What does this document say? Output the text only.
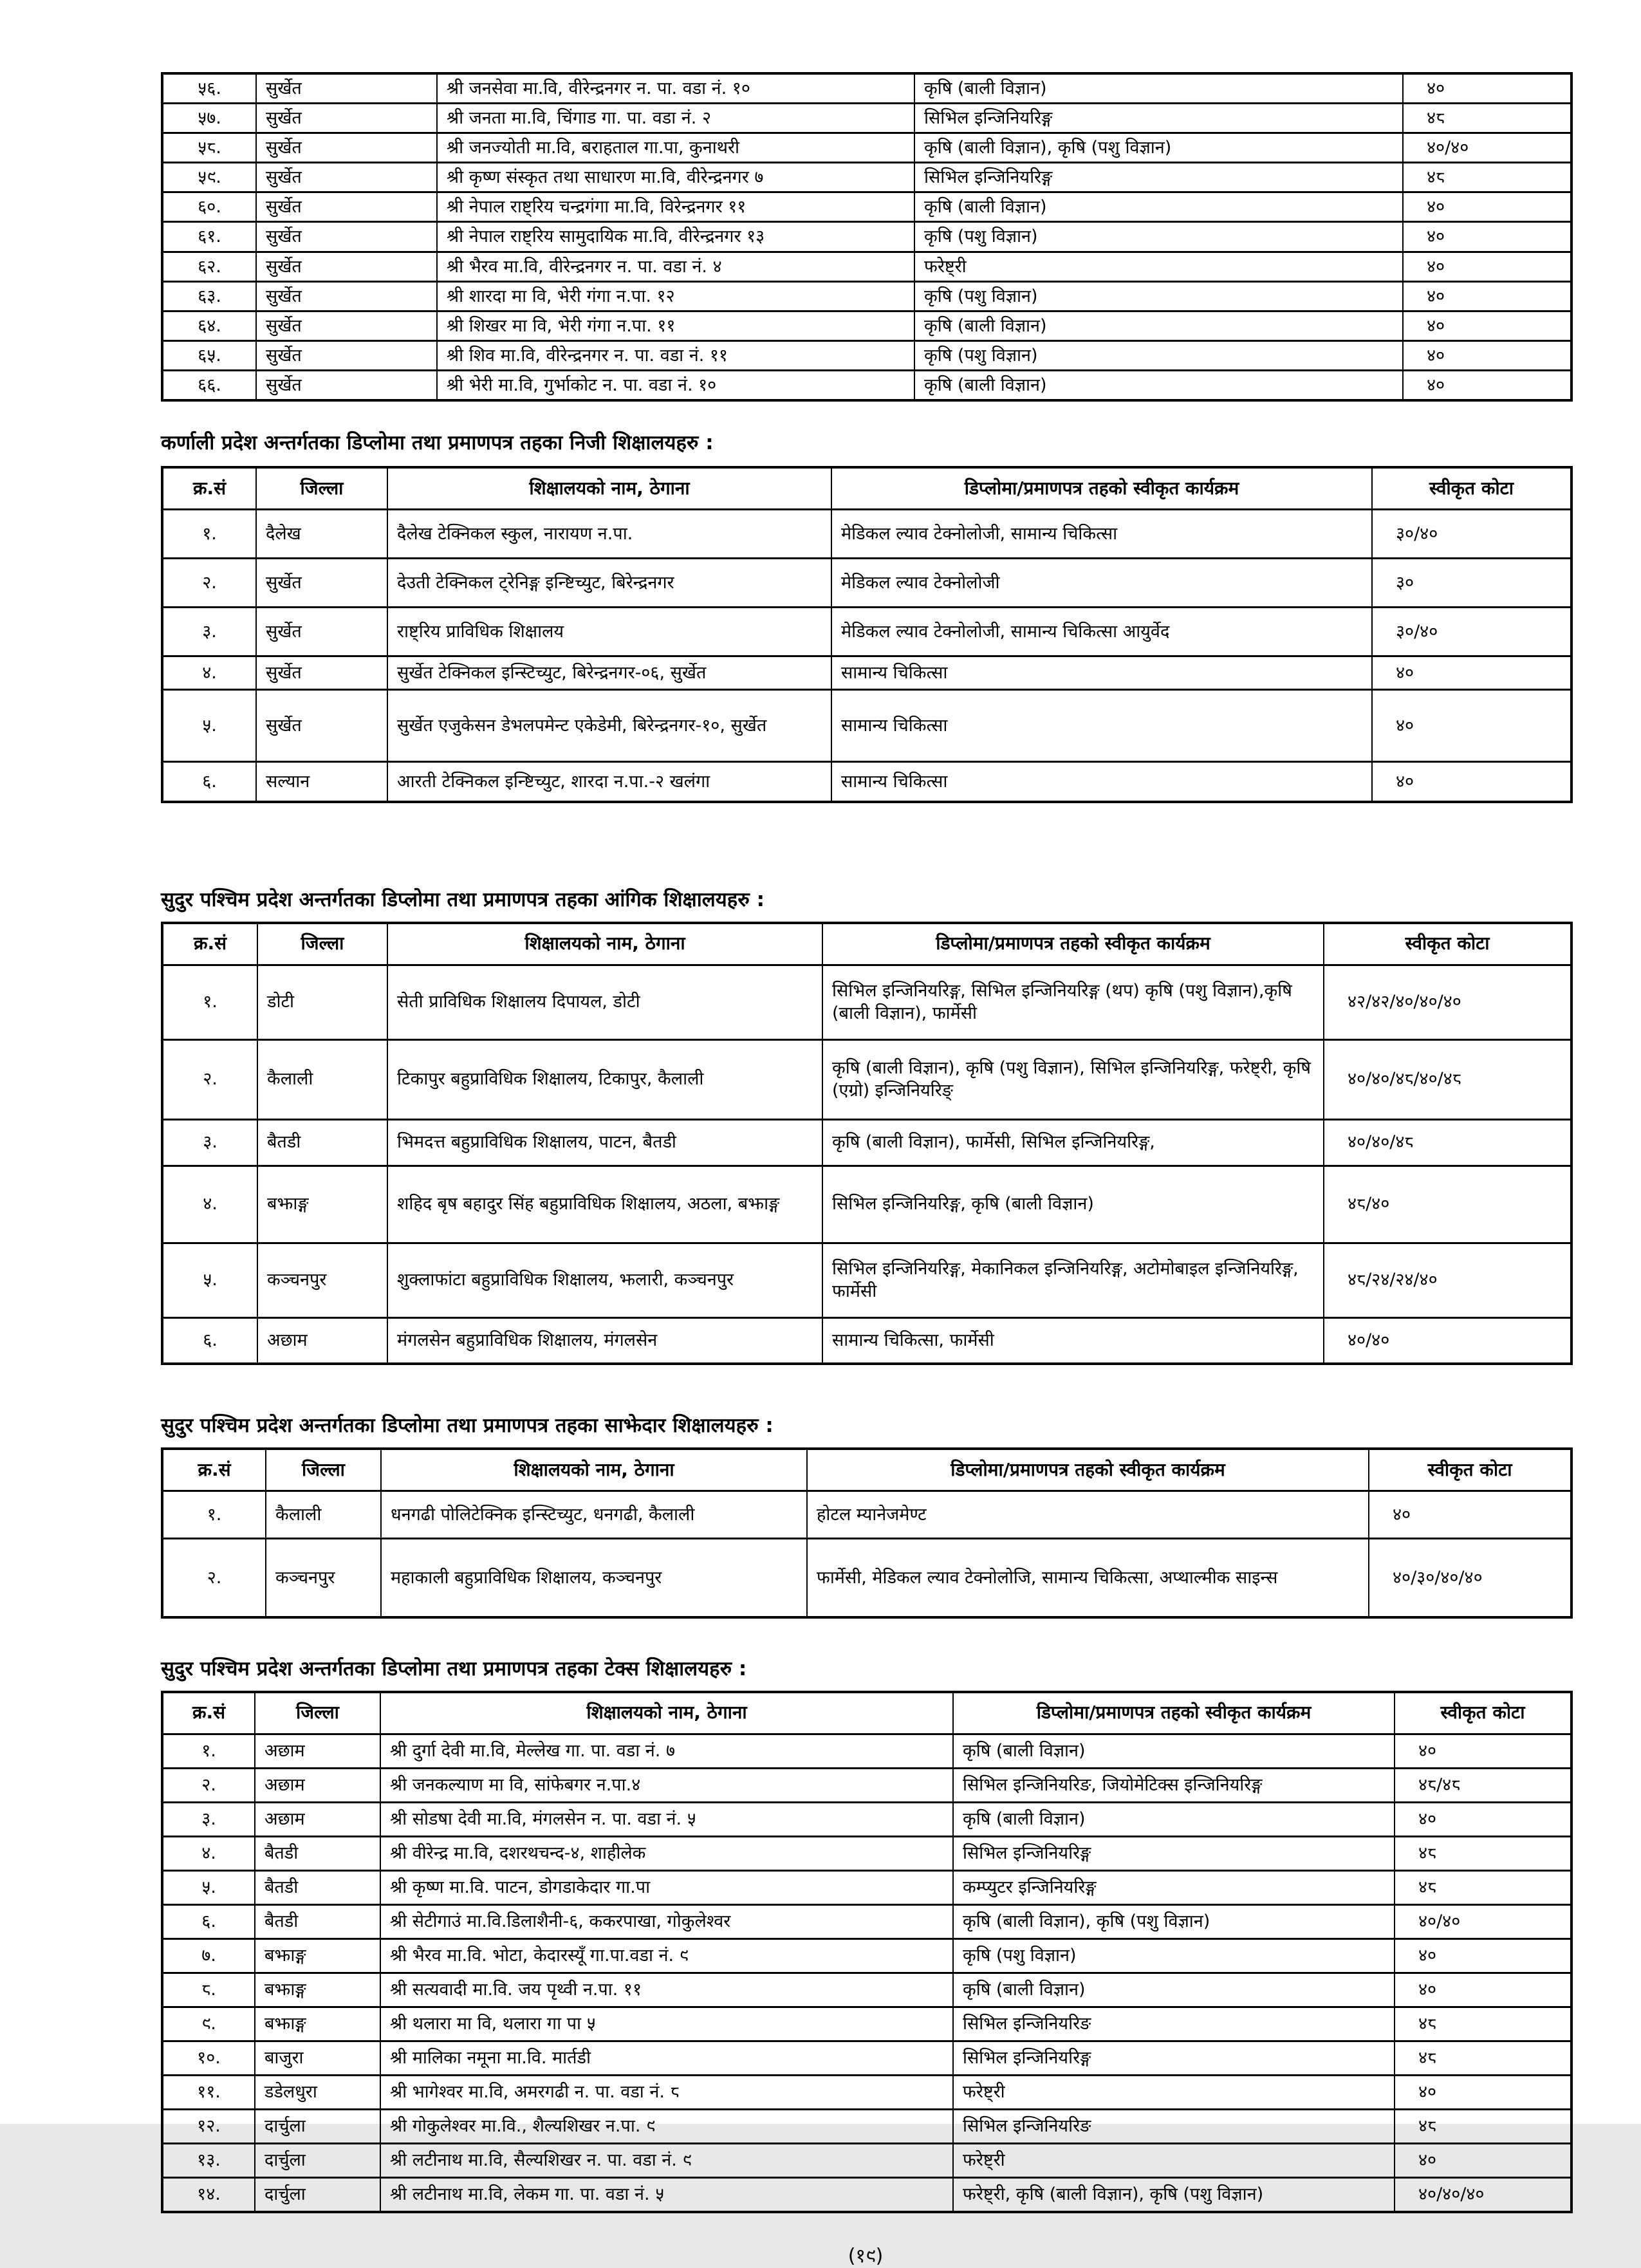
५६.	सुर्खेत	श्री जनसेवा मा.वि, वीरेन्द्रनगर न. पा. वडा नं. १०	कृषि (बाली विज्ञान)	४०
५७.	सुर्खेत	श्री जनता मा.वि, चिंगाड गा. पा. वडा नं. २	सिभिल इन्जिनियरिङ्ग	४८
५८.	सुर्खेत	श्री जनज्योती मा.वि, बराहताल गा.पा, कुनाथरी	कृषि (बाली विज्ञान), कृषि (पशु विज्ञान)	४०/४०
५९.	सुर्खेत	श्री कृष्ण संस्कृत तथा साधारण मा.वि, वीरेन्द्रनगर ७	सिभिल इन्जिनियरिङ्ग	४८
६०.	सुर्खेत	श्री नेपाल राष्ट्रिय चन्द्रगंगा मा.वि, विरेन्द्रनगर ११	कृषि (बाली विज्ञान)	४०
६१.	सुर्खेत	श्री नेपाल राष्ट्रिय सामुदायिक मा.वि, वीरेन्द्रनगर १३	कृषि (पशु विज्ञान)	४०
६२.	सुर्खेत	श्री भैरव मा.वि, वीरेन्द्रनगर न. पा. वडा नं. ४	फरेष्ट्री	४०
६३.	सुर्खेत	श्री शारदा मा वि, भेरी गंगा न.पा. १२	कृषि (पशु विज्ञान)	४०
६४.	सुर्खेत	श्री शिखर मा वि, भेरी गंगा न.पा. ११	कृषि (बाली विज्ञान)	४०
६५.	सुर्खेत	श्री शिव मा.वि, वीरेन्द्रनगर न. पा. वडा नं. ११	कृषि (पशु विज्ञान)	४०
६६.	सुर्खेत	श्री भेरी मा.वि, गुर्भाकोट न. पा. वडा नं. १०	कृषि (बाली विज्ञान)	४०

कर्णाली प्रदेश अन्तर्गतका डिप्लोमा तथा प्रमाणपत्र तहका निजी शिक्षालयहरु :

क्र.सं	जिल्ला	शिक्षालयको नाम, ठेगाना	डिप्लोमा/प्रमाणपत्र तहको स्वीकृत कार्यक्रम	स्वीकृत कोटा
१.	दैलेख	दैलेख टेक्निकल स्कुल, नारायण न.पा.	मेडिकल ल्याव टेक्नोलोजी, सामान्य चिकित्सा	३०/४०
२.	सुर्खेत	देउती टेक्निकल ट्रेनिङ्ग इन्ष्टिच्युट, बिरेन्द्रनगर	मेडिकल ल्याव टेक्नोलोजी	३०
३.	सुर्खेत	राष्ट्रिय प्राविधिक शिक्षालय	मेडिकल ल्याव टेक्नोलोजी, सामान्य चिकित्सा आयुर्वेद	३०/४०
४.	सुर्खेत	सुर्खेत टेक्निकल इन्स्टिच्युट, बिरेन्द्रनगर-०६, सुर्खेत	सामान्य चिकित्सा	४०
५.	सुर्खेत	सुर्खेत एजुकेसन डेभलपमेन्ट एकेडेमी, बिरेन्द्रनगर-१०, सुर्खेत	सामान्य चिकित्सा	४०
६.	सल्यान	आरती टेक्निकल इन्ष्टिच्युट, शारदा न.पा.-२ खलंगा	सामान्य चिकित्सा	४०

सुदुर पश्चिम प्रदेश अन्तर्गतका डिप्लोमा तथा प्रमाणपत्र तहका आंगिक शिक्षालयहरु :

क्र.सं	जिल्ला	शिक्षालयको नाम, ठेगाना	डिप्लोमा/प्रमाणपत्र तहको स्वीकृत कार्यक्रम	स्वीकृत कोटा
१.	डोटी	सेती प्राविधिक शिक्षालय दिपायल, डोटी	सिभिल इन्जिनियरिङ्ग, सिभिल इन्जिनियरिङ्ग (थप) कृषि (पशु विज्ञान),कृषि (बाली विज्ञान), फार्मेसी	४२/४२/४०/४०/४०
२.	कैलाली	टिकापुर बहुप्राविधिक शिक्षालय, टिकापुर, कैलाली	कृषि (बाली विज्ञान), कृषि (पशु विज्ञान), सिभिल इन्जिनियरिङ्ग, फरेष्ट्री, कृषि (एग्रो) इन्जिनियरिङ्	४०/४०/४८/४०/४८
३.	बैतडी	भिमदत्त बहुप्राविधिक शिक्षालय, पाटन, बैतडी	कृषि (बाली विज्ञान), फार्मेसी, सिभिल इन्जिनियरिङ्ग,	४०/४०/४८
४.	बझाङ्ग	शहिद बृष बहादुर सिंह बहुप्राविधिक शिक्षालय, अठला, बझाङ्ग	सिभिल इन्जिनियरिङ्ग, कृषि (बाली विज्ञान)	४८/४०
५.	कञ्चनपुर	शुक्लाफांटा बहुप्राविधिक शिक्षालय, झलारी, कञ्चनपुर	सिभिल इन्जिनियरिङ्ग, मेकानिकल इन्जिनियरिङ्ग, अटोमोबाइल इन्जिनियरिङ्ग, फार्मेसी	४८/२४/२४/४०
६.	अछाम	मंगलसेन बहुप्राविधिक शिक्षालय, मंगलसेन	सामान्य चिकित्सा, फार्मेसी	४०/४०

सुदुर पश्चिम प्रदेश अन्तर्गतका डिप्लोमा तथा प्रमाणपत्र तहका साझेदार शिक्षालयहरु :

क्र.सं	जिल्ला	शिक्षालयको नाम, ठेगाना	डिप्लोमा/प्रमाणपत्र तहको स्वीकृत कार्यक्रम	स्वीकृत कोटा
१.	कैलाली	धनगढी पोलिटेक्निक इन्स्टिच्युट, धनगढी, कैलाली	होटल म्यानेजमेण्ट	४०
२.	कञ्चनपुर	महाकाली बहुप्राविधिक शिक्षालय, कञ्चनपुर	फार्मेसी, मेडिकल ल्याव टेक्नोलोजि, सामान्य चिकित्सा, अप्थाल्मीक साइन्स	४०/३०/४०/४०

सुदुर पश्चिम प्रदेश अन्तर्गतका डिप्लोमा तथा प्रमाणपत्र तहका टेक्स शिक्षालयहरु :

क्र.सं	जिल्ला	शिक्षालयको नाम, ठेगाना	डिप्लोमा/प्रमाणपत्र तहको स्वीकृत कार्यक्रम	स्वीकृत कोटा
१.	अछाम	श्री दुर्गा देवी मा.वि, मेल्लेख गा. पा. वडा नं. ७	कृषि (बाली विज्ञान)	४०
२.	अछाम	श्री जनकल्याण मा वि, सांफेबगर न.पा.४	सिभिल इन्जिनियरिङ, जियोमेटिक्स इन्जिनियरिङ्ग	४८/४८
३.	अछाम	श्री सोडषा देवी मा.वि, मंगलसेन न. पा. वडा नं. ५	कृषि (बाली विज्ञान)	४०
४.	बैतडी	श्री वीरेन्द्र मा.वि, दशरथचन्द-४, शाहीलेक	सिभिल इन्जिनियरिङ्ग	४८
५.	बैतडी	श्री कृष्ण मा.वि. पाटन, डोगडाकेदार गा.पा	कम्प्युटर इन्जिनियरिङ्ग	४८
६.	बैतडी	श्री सेटीगाउं मा.वि.डिलाशैनी-६, ककरपाखा, गोकुलेश्वर	कृषि (बाली विज्ञान), कृषि (पशु विज्ञान)	४०/४०
७.	बझाङ्ग	श्री भैरव मा.वि. भोटा, केदारस्यूँ गा.पा.वडा नं. ९	कृषि (पशु विज्ञान)	४०
८.	बझाङ्ग	श्री सत्यवादी मा.वि. जय पृथ्वी न.पा. ११	कृषि (बाली विज्ञान)	४०
९.	बझाङ्ग	श्री थलारा मा वि, थलारा गा पा ५	सिभिल इन्जिनियरिङ	४८
१०.	बाजुरा	श्री मालिका नमूना मा.वि. मार्तडी	सिभिल इन्जिनियरिङ्ग	४८
११.	डडेलधुरा	श्री भागेश्वर मा.वि, अमरगढी न. पा. वडा नं. ८	फरेष्ट्री	४०
१२.	दार्चुला	श्री गोकुलेश्वर मा.वि., शैल्यशिखर न.पा. ९	सिभिल इन्जिनियरिङ	४८
१३.	दार्चुला	श्री लटीनाथ मा.वि, सैल्यशिखर न. पा. वडा नं. ९	फरेष्ट्री	४०
१४.	दार्चुला	श्री लटीनाथ मा.वि, लेकम गा. पा. वडा नं. ५	फरेष्ट्री, कृषि (बाली विज्ञान), कृषि (पशु विज्ञान)	४०/४०/४०
(१९)
